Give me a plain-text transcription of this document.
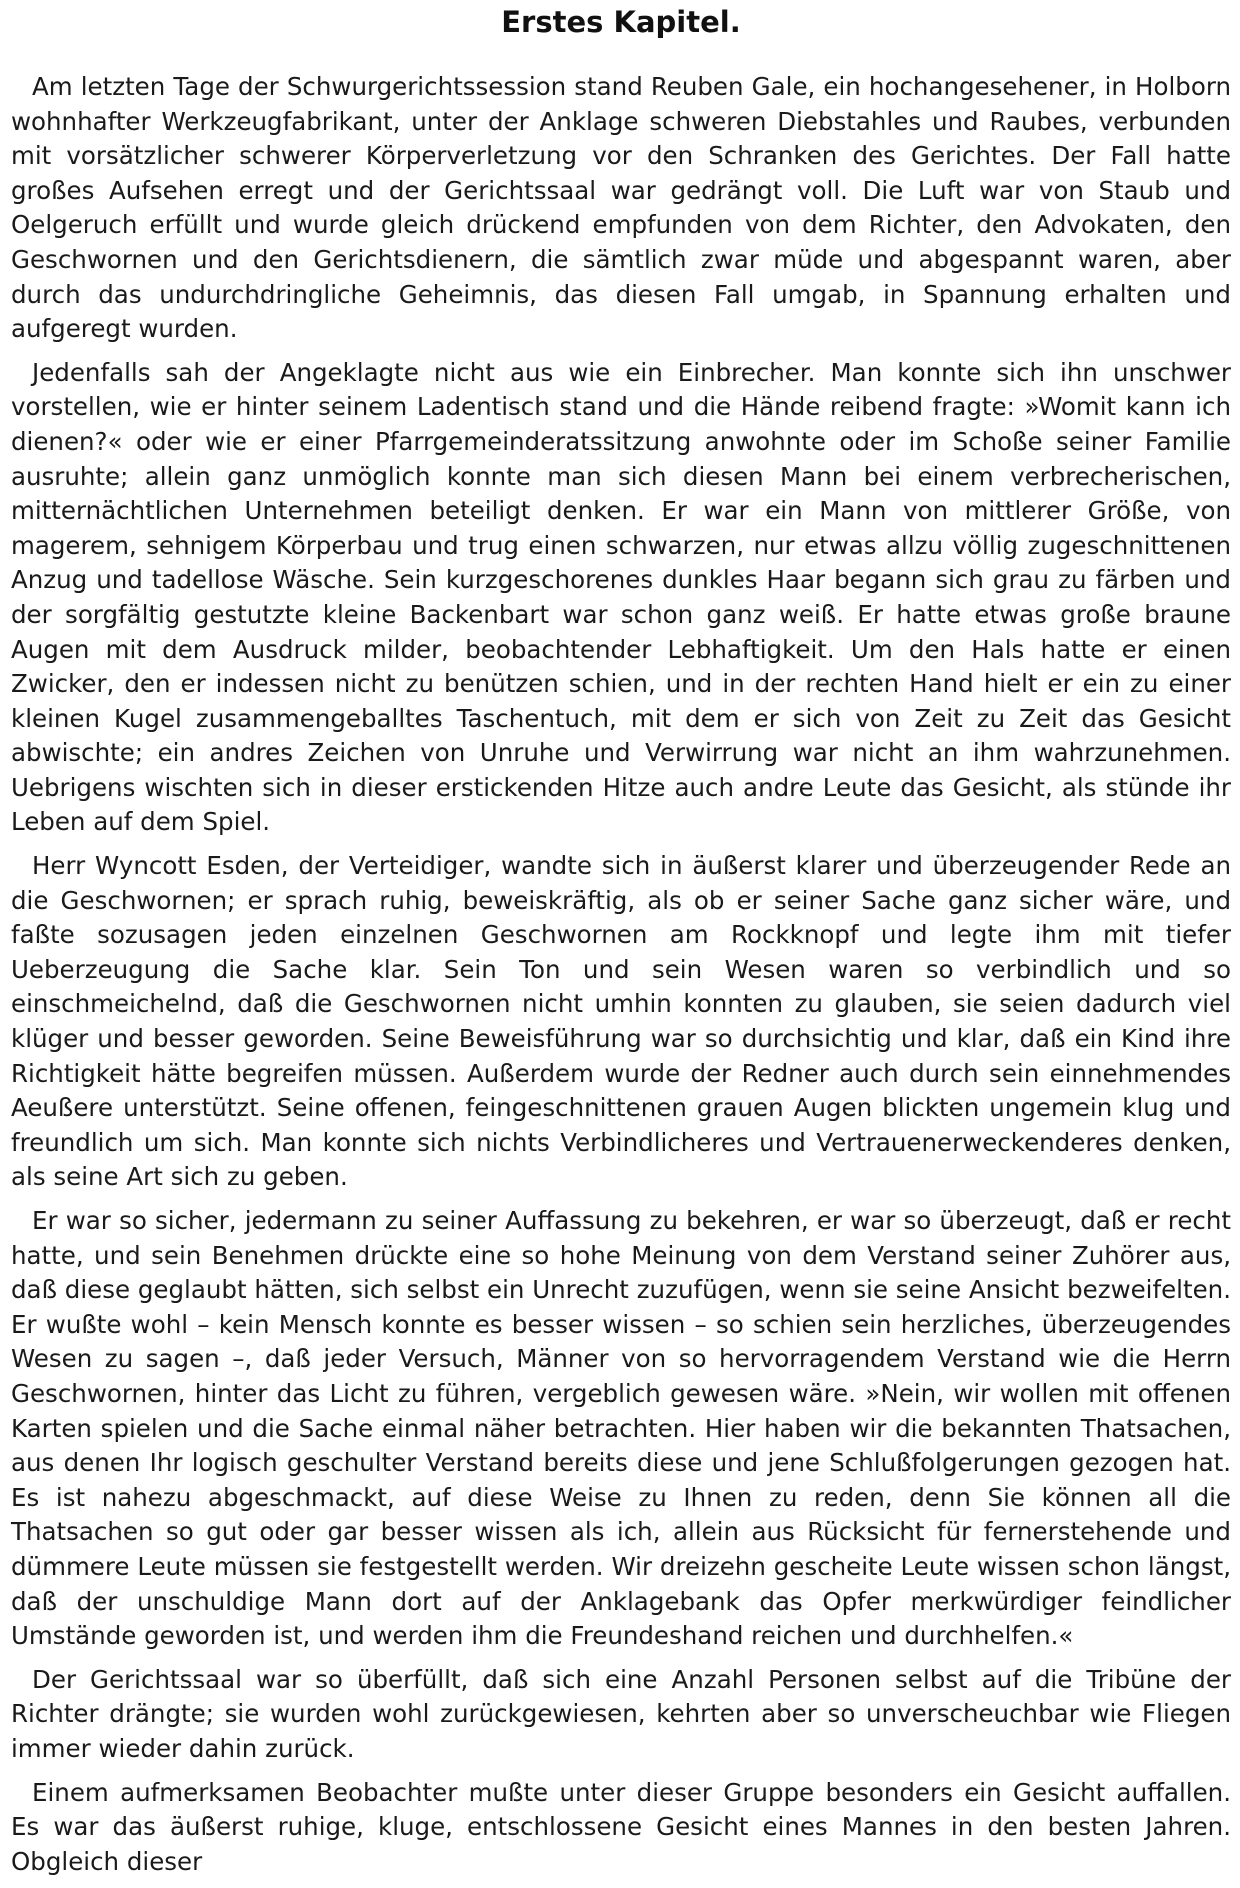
Erstes Kapitel.

Am letzten Tage der Schwurgerichtssession stand Reuben Gale, ein hochangesehener, in Holborn wohnhafter Werkzeugfabrikant, unter der Anklage schweren Diebstahles und Raubes, verbunden mit vorsätzlicher schwerer Körperverletzung vor den Schranken des Gerichtes. Der Fall hatte großes Aufsehen erregt und der Gerichtssaal war gedrängt voll. Die Luft war von Staub und Oelgeruch erfüllt und wurde gleich drückend empfunden von dem Richter, den Advokaten, den Geschwornen und den Gerichtsdienern, die sämtlich zwar müde und abgespannt waren, aber durch das undurchdringliche Geheimnis, das diesen Fall umgab, in Spannung erhalten und aufgeregt wurden.

Jedenfalls sah der Angeklagte nicht aus wie ein Einbrecher. Man konnte sich ihn unschwer vorstellen, wie er hinter seinem Ladentisch stand und die Hände reibend fragte: »Womit kann ich dienen?« oder wie er einer Pfarrgemeinderatssitzung anwohnte oder im Schoße seiner Familie ausruhte; allein ganz unmöglich konnte man sich diesen Mann bei einem verbrecherischen, mitternächtlichen Unternehmen beteiligt denken. Er war ein Mann von mittlerer Größe, von magerem, sehnigem Körperbau und trug einen schwarzen, nur etwas allzu völlig zugeschnittenen Anzug und tadellose Wäsche. Sein kurzgeschorenes dunkles Haar begann sich grau zu färben und der sorgfältig gestutzte kleine Backenbart war schon ganz weiß. Er hatte etwas große braune Augen mit dem Ausdruck milder, beobachtender Lebhaftigkeit. Um den Hals hatte er einen Zwicker, den er indessen nicht zu benützen schien, und in der rechten Hand hielt er ein zu einer kleinen Kugel zusammengeballtes Taschentuch, mit dem er sich von Zeit zu Zeit das Gesicht abwischte; ein andres Zeichen von Unruhe und Verwirrung war nicht an ihm wahrzunehmen. Uebrigens wischten sich in dieser erstickenden Hitze auch andre Leute das Gesicht, als stünde ihr Leben auf dem Spiel.

Herr Wyncott Esden, der Verteidiger, wandte sich in äußerst klarer und überzeugender Rede an die Geschwornen; er sprach ruhig, beweiskräftig, als ob er seiner Sache ganz sicher wäre, und faßte sozusagen jeden einzelnen Geschwornen am Rockknopf und legte ihm mit tiefer Ueberzeugung die Sache klar. Sein Ton und sein Wesen waren so verbindlich und so einschmeichelnd, daß die Geschwornen nicht umhin konnten zu glauben, sie seien dadurch viel klüger und besser geworden. Seine Beweisführung war so durchsichtig und klar, daß ein Kind ihre Richtigkeit hätte begreifen müssen. Außerdem wurde der Redner auch durch sein einnehmendes Aeußere unterstützt. Seine offenen, feingeschnittenen grauen Augen blickten ungemein klug und freundlich um sich. Man konnte sich nichts Verbindlicheres und Vertrauenerweckenderes denken, als seine Art sich zu geben.

Er war so sicher, jedermann zu seiner Auffassung zu bekehren, er war so überzeugt, daß er recht hatte, und sein Benehmen drückte eine so hohe Meinung von dem Verstand seiner Zuhörer aus, daß diese geglaubt hätten, sich selbst ein Unrecht zuzufügen, wenn sie seine Ansicht bezweifelten. Er wußte wohl – kein Mensch konnte es besser wissen – so schien sein herzliches, überzeugendes Wesen zu sagen –, daß jeder Versuch, Männer von so hervorragendem Verstand wie die Herrn Geschwornen, hinter das Licht zu führen, vergeblich gewesen wäre. »Nein, wir wollen mit offenen Karten spielen und die Sache einmal näher betrachten. Hier haben wir die bekannten Thatsachen, aus denen Ihr logisch geschulter Verstand bereits diese und jene Schlußfolgerungen gezogen hat. Es ist nahezu abgeschmackt, auf diese Weise zu Ihnen zu reden, denn Sie können all die Thatsachen so gut oder gar besser wissen als ich, allein aus Rücksicht für fernerstehende und dümmere Leute müssen sie festgestellt werden. Wir dreizehn gescheite Leute wissen schon längst, daß der unschuldige Mann dort auf der Anklagebank das Opfer merkwürdiger feindlicher Umstände geworden ist, und werden ihm die Freundeshand reichen und durchhelfen.«

Der Gerichtssaal war so überfüllt, daß sich eine Anzahl Personen selbst auf die Tribüne der Richter drängte; sie wurden wohl zurückgewiesen, kehrten aber so unverscheuchbar wie Fliegen immer wieder dahin zurück.

Einem aufmerksamen Beobachter mußte unter dieser Gruppe besonders ein Gesicht auffallen. Es war das äußerst ruhige, kluge, entschlossene Gesicht eines Mannes in den besten Jahren. Obgleich dieser
